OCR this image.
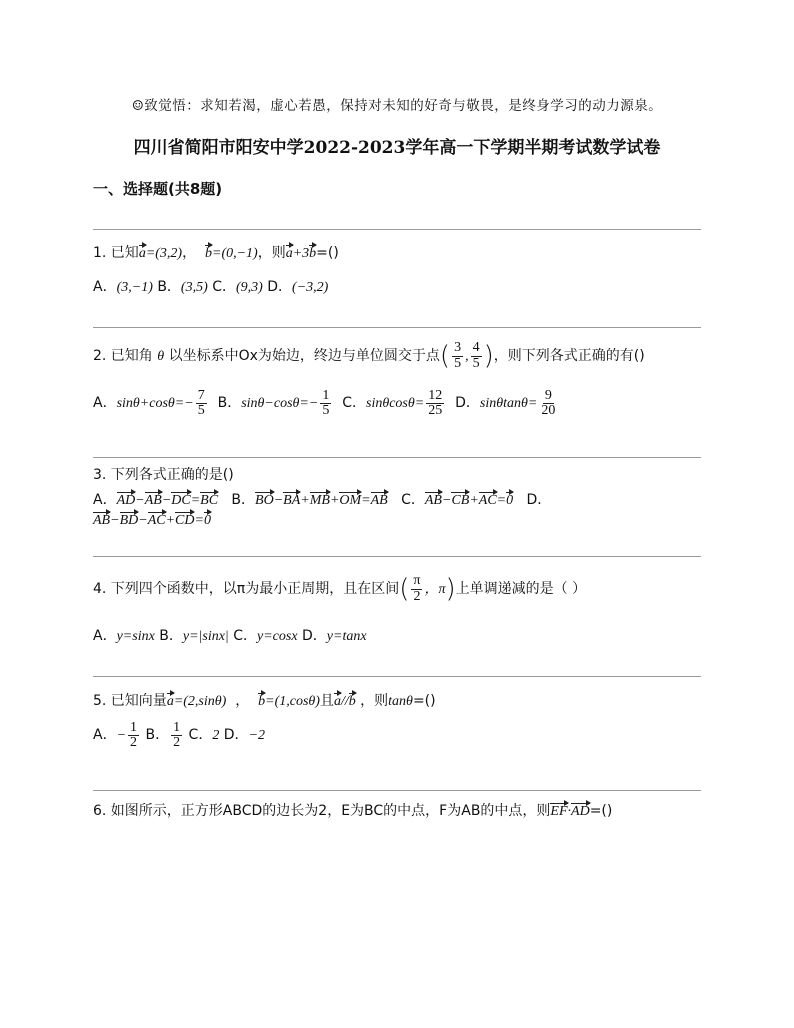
☺致觉悟：求知若渴，虚心若愚，保持对未知的好奇与敬畏，是终身学习的动力源泉。
四川省简阳市阳安中学2022-2023学年高一下学期半期考试数学试卷
一、选择题(共8题)
1. 已知a=(3,2)， b=(0,−1)，则a+3b=()
A．(3,−1) B．(3,5) C．(9,3) D．(−3,2)
2. 已知角 θ 以坐标系中Ox为始边，终边与单位圆交于点( $\frac{3}{5}$ , $\frac{4}{5}$ )，则下列各式正确的有()
A．$\sin\theta+\cos\theta=- \frac{7}{5}$ B．$\sin\theta-\cos\theta=- \frac{1}{5}$ C．$\sin\theta\cos\theta= \frac{12}{25}$ D．$\sin\theta\tan\theta= \frac{9}{20}$
3. 下列各式正确的是()
A．AD−AB−DC=BC B．BO−BA+MB+OM=AB C．AB−CB+AC=0 D．
AB−BD−AC+CD=0
4. 下列四个函数中，以π为最小正周期，且在区间( $\frac{\pi}{2}$ ，π)上单调递减的是（ ）
A．y=sinx B．y=|sinx| C．y=cosx D．y=tanx
5. 已知向量a=(2,sinθ) ， b=(1,cosθ)且a//b ，则tanθ=()
A．− $\frac{1}{2}$ B． $\frac{1}{2}$ C．2 D．−2
6. 如图所示，正方形ABCD的边长为2，E为BC的中点，F为AB的中点，则EF·AD=()
